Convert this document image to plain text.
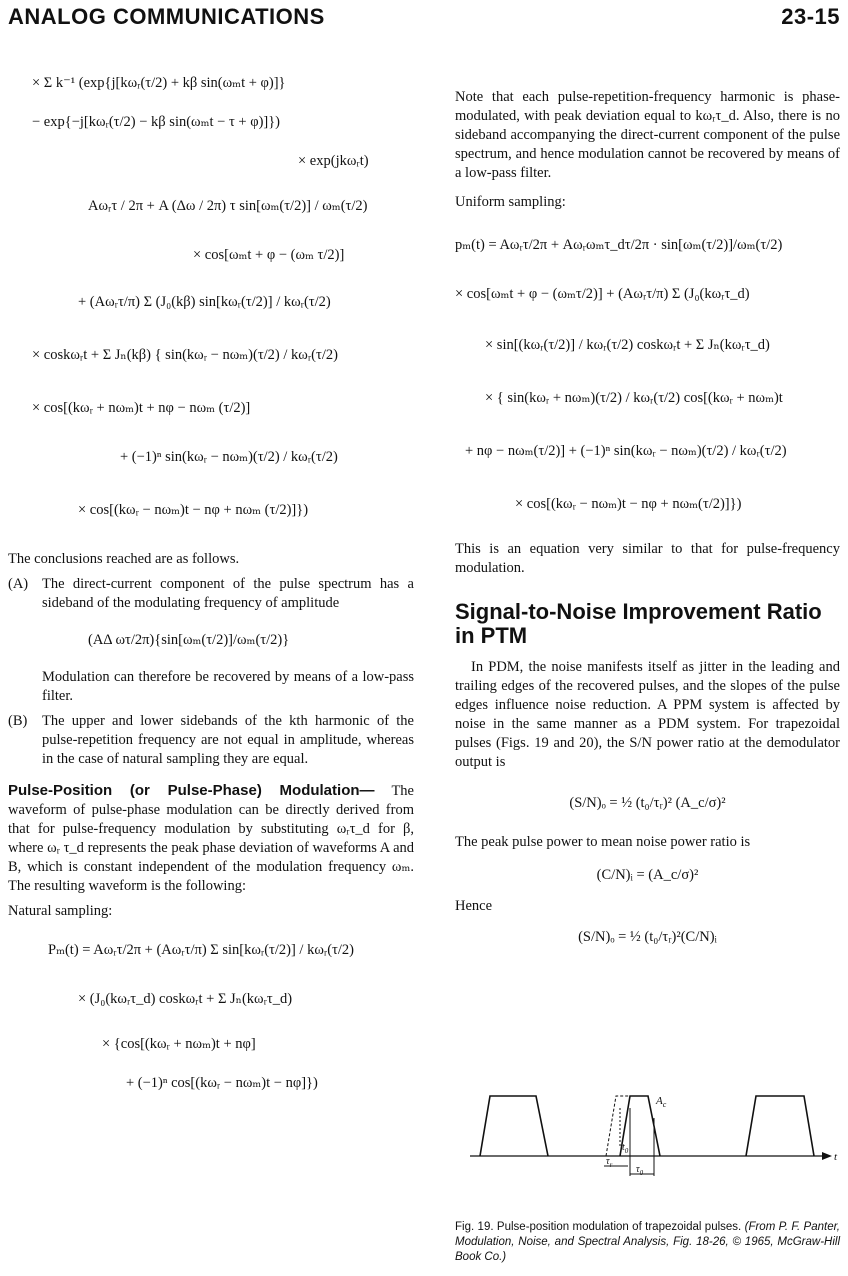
ANALOG COMMUNICATIONS	23-15
× Σ k⁻¹ (exp{j[kωᵣ(τ/2) + kβ sin(ωₘt + φ)]}
− exp{−j[kωᵣ(τ/2) − kβ sin(ωₘt − τ + φ)]})
× exp(jkωᵣt)
Aωᵣτ / 2π + A (Δω / 2π) τ sin[ωₘ(τ/2)] / ωₘ(τ/2)
× cos[ωₘt + φ − (ωₘ τ/2)]
+ (Aωᵣτ/π) Σ (J₀(kβ) sin[kωᵣ(τ/2)] / kωᵣ(τ/2)
× coskωᵣt + Σ Jₙ(kβ) { sin(kωᵣ − nωₘ)(τ/2) / kωᵣ(τ/2)
× cos[(kωᵣ + nωₘ)t + nφ − nωₘ (τ/2)]
+ (−1)ⁿ sin(kωᵣ − nωₘ)(τ/2) / kωᵣ(τ/2)
× cos[(kωᵣ − nωₘ)t − nφ + nωₘ (τ/2)]})

The conclusions reached are as follows.

(A) The direct-current component of the pulse spectrum has a sideband of the modulating frequency of amplitude
(AΔ ωτ/2π){sin[ωₘ(τ/2)]/ωₘ(τ/2)}
Modulation can therefore be recovered by means of a low-pass filter.
(B) The upper and lower sidebands of the kth harmonic of the pulse-repetition frequency are not equal in amplitude, whereas in the case of natural sampling they are equal.

Pulse-Position (or Pulse-Phase) Modulation— The waveform of pulse-phase modulation can be directly derived from that for pulse-frequency modulation by substituting ωᵣτ_d for β, where ωᵣ τ_d represents the peak phase deviation of waveforms A and B, which is constant independent of the modulation frequency ωₘ. The resulting waveform is the following:

Natural sampling:

Pₘ(t) = Aωᵣτ/2π + (Aωᵣτ/π) Σ sin[kωᵣ(τ/2)] / kωᵣ(τ/2)
× (J₀(kωᵣτ_d) coskωᵣt + Σ Jₙ(kωᵣτ_d)
× {cos[(kωᵣ + nωₘ)t + nφ]
+ (−1)ⁿ cos[(kωᵣ − nωₘ)t − nφ]})

Note that each pulse-repetition-frequency harmonic is phase-modulated, with peak deviation equal to kωᵣτ_d. Also, there is no sideband accompanying the direct-current component of the pulse spectrum, and hence modulation cannot be recovered by means of a low-pass filter.

Uniform sampling:

pₘ(t) = Aωᵣτ/2π + Aωᵣωₘτ_dτ/2π · sin[ωₘ(τ/2)]/ωₘ(τ/2)
× cos[ωₘt + φ − (ωₘτ/2)] + (Aωᵣτ/π) Σ (J₀(kωᵣτ_d)
× sin[(kωᵣ(τ/2)] / kωᵣ(τ/2) coskωᵣt + Σ Jₙ(kωᵣτ_d)
× { sin(kωᵣ + nωₘ)(τ/2) / kωᵣ(τ/2) cos[(kωᵣ + nωₘ)t
+ nφ − nωₘ(τ/2)] + (−1)ⁿ sin(kωᵣ − nωₘ)(τ/2) / kωᵣ(τ/2)
× cos[(kωᵣ − nωₘ)t − nφ + nωₘ(τ/2)]})

This is an equation very similar to that for pulse-frequency modulation.

Signal-to-Noise Improvement Ratio in PTM

In PDM, the noise manifests itself as jitter in the leading and trailing edges of the recovered pulses, and the slopes of the pulse edges influence noise reduction. A PPM system is affected by noise in the same manner as a PDM system. For trapezoidal pulses (Figs. 19 and 20), the S/N power ratio at the demodulator output is

(S/N)ₒ = ½ (t₀/τᵣ)² (A_c/σ)²

The peak pulse power to mean noise power ratio is

(C/N)ᵢ = (A_c/σ)²

Hence

(S/N)ₒ = ½ (t₀/τᵣ)²(C/N)ᵢ
$A_c$
$t_0$
$\tau_r$ $\tau_0$
t
Fig. 19. Pulse-position modulation of trapezoidal pulses. (From P. F. Panter, Modulation, Noise, and Spectral Analysis, Fig. 18-26, © 1965, McGraw-Hill Book Co.)
